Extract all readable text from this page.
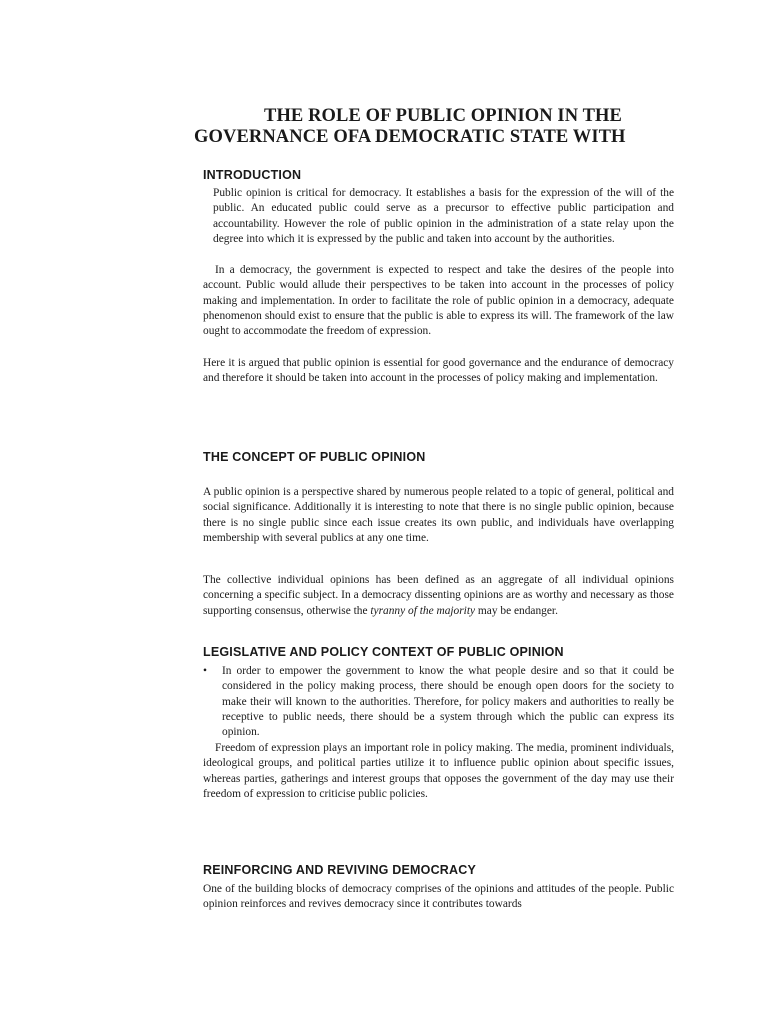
THE ROLE OF PUBLIC OPINION IN THE
GOVERNANCE OFA DEMOCRATIC STATE WITH
INTRODUCTION

Public opinion is critical for democracy. It establishes a basis for the expression of the will of the public. An educated public could serve as a precursor to effective public participation and accountability. However the role of public opinion in the administration of a state relay upon the degree into which it is expressed by the public and taken into account by the authorities.

In a democracy, the government is expected to respect and take the desires of the people into account. Public would allude their perspectives to be taken into account in the processes of policy making and implementation. In order to facilitate the role of public opinion in a democracy, adequate phenomenon should exist to ensure that the public is able to express its will. The framework of the law ought to accommodate the freedom of expression.

Here it is argued that public opinion is essential for good governance and the endurance of democracy and therefore it should be taken into account in the processes of policy making and implementation.

THE CONCEPT OF PUBLIC OPINION

A public opinion is a perspective shared by numerous people related to a topic of general, political and social significance. Additionally it is interesting to note that there is no single public opinion, because there is no single public since each issue creates its own public, and individuals have overlapping membership with several publics at any one time.

The collective individual opinions has been defined as an aggregate of all individual opinions concerning a specific subject. In a democracy dissenting opinions are as worthy and necessary as those supporting consensus, otherwise the tyranny of the majority may be endanger.

LEGISLATIVE AND POLICY CONTEXT OF PUBLIC OPINION
• In order to empower the government to know the what people desire and so that it could be considered in the policy making process, there should be enough open doors for the society to make their will known to the authorities. Therefore, for policy makers and authorities to really be receptive to public needs, there should be a system through which the public can express its opinion.

Freedom of expression plays an important role in policy making. The media, prominent individuals, ideological groups, and political parties utilize it to influence public opinion about specific issues, whereas parties, gatherings and interest groups that opposes the government of the day may use their freedom of expression to criticise public policies.

REINFORCING AND REVIVING DEMOCRACY

One of the building blocks of democracy comprises of the opinions and attitudes of the people. Public opinion reinforces and revives democracy since it contributes towards
